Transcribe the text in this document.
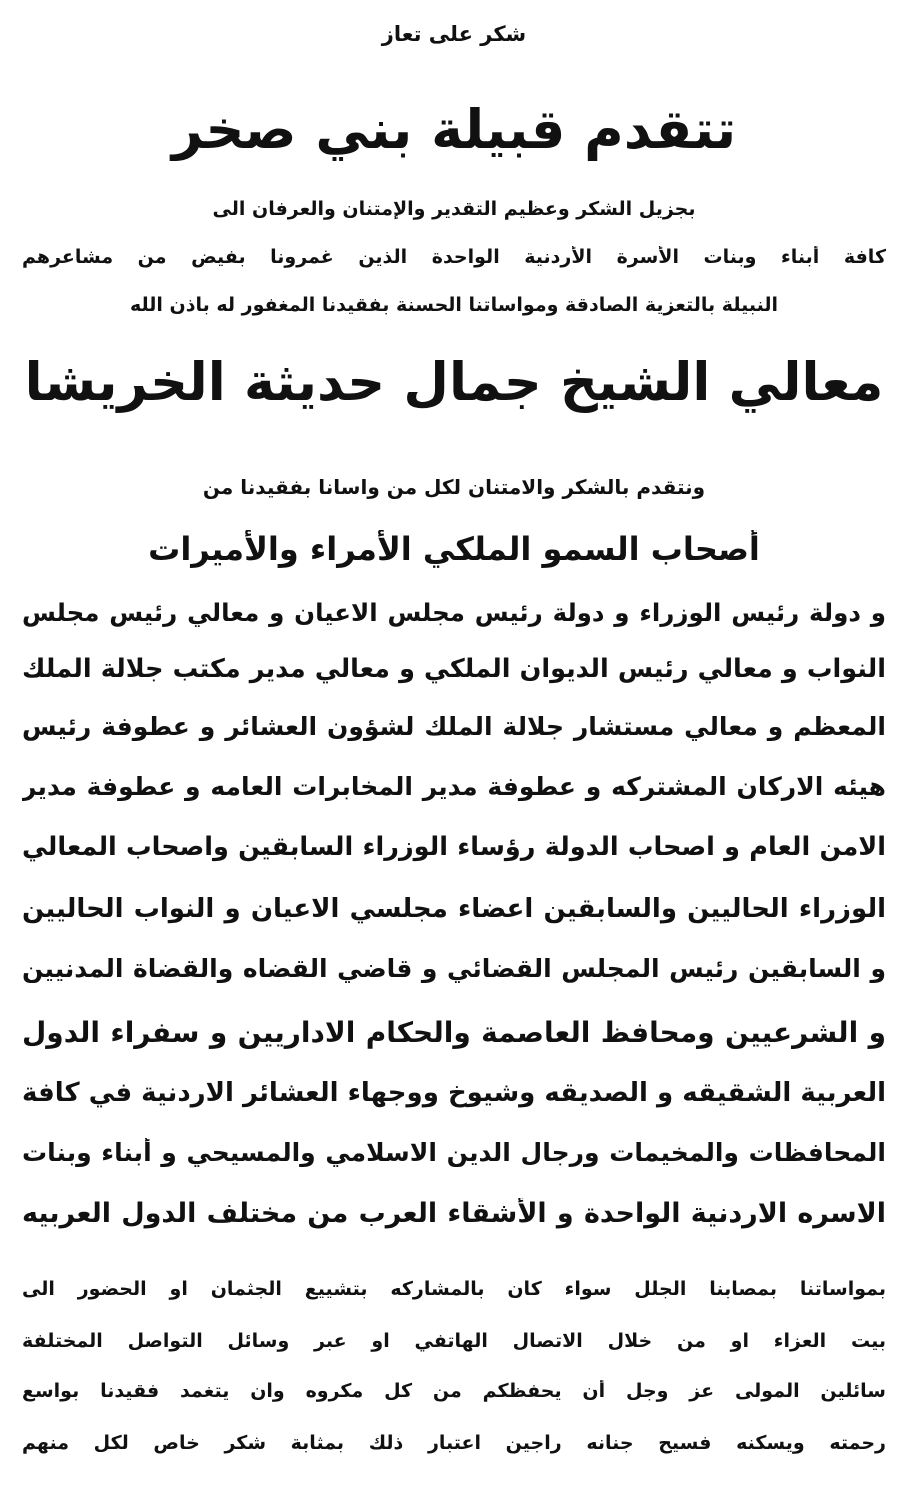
شكر على تعاز
تتقدم قبيلة بني صخر
بجزيل الشكر وعظيم التقدير والإمتنان والعرفان الى
كافة أبناء وبنات الأسرة الأردنية الواحدة الذين غمرونا بفيض من مشاعرهم
النبيلة بالتعزية الصادقة ومواساتنا الحسنة بفقيدنا المغفور له باذن الله
معالي الشيخ جمال حديثة الخريشا
ونتقدم بالشكر والامتنان لكل من واسانا بفقيدنا من
أصحاب السمو الملكي الأمراء والأميرات
و دولة رئيس الوزراء و دولة رئيس مجلس الاعيان و معالي رئيس مجلس
النواب و معالي رئيس الديوان الملكي و معالي مدير مكتب جلالة الملك
المعظم و معالي مستشار جلالة الملك لشؤون العشائر و عطوفة رئيس
هيئه الاركان المشتركه و عطوفة مدير المخابرات العامه و عطوفة مدير
الامن العام و اصحاب الدولة رؤساء الوزراء السابقين واصحاب المعالي
الوزراء الحاليين والسابقين اعضاء مجلسي الاعيان و النواب الحاليين
و السابقين رئيس المجلس القضائي و قاضي القضاه والقضاة المدنيين
و الشرعيين ومحافظ العاصمة والحكام الاداريين و سفراء الدول
العربية الشقيقه و الصديقه وشيوخ ووجهاء العشائر الاردنية في كافة
المحافظات والمخيمات ورجال الدين الاسلامي والمسيحي و أبناء وبنات
الاسره الاردنية الواحدة و الأشقاء العرب من مختلف الدول العربيه
بمواساتنا بمصابنا الجلل سواء كان بالمشاركه بتشييع الجثمان او الحضور الى
بيت العزاء او من خلال الاتصال الهاتفي او عبر وسائل التواصل المختلفة
سائلين المولى عز وجل أن يحفظكم من كل مكروه وان يتغمد فقيدنا بواسع
رحمته ويسكنه فسيح جنانه راجين اعتبار ذلك بمثابة شكر خاص لكل منهم
